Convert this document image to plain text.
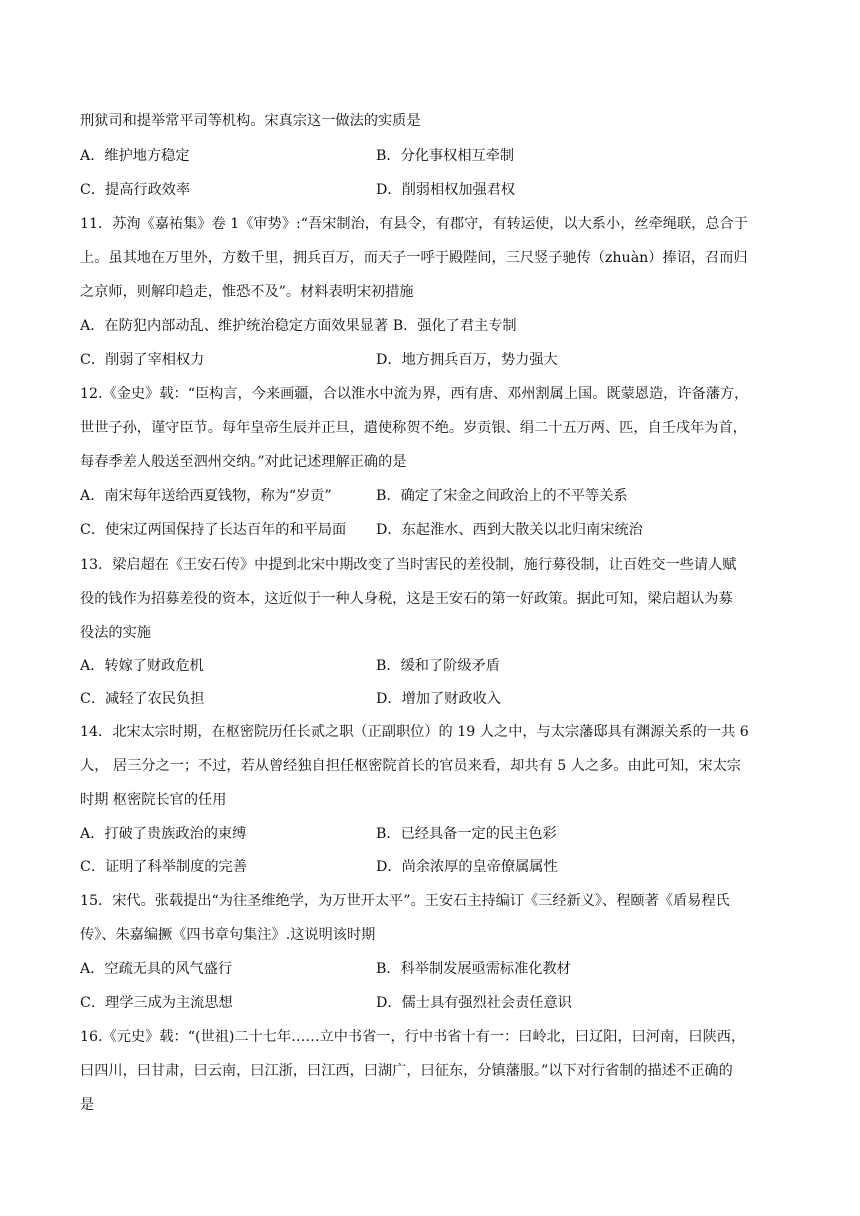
刑狱司和提举常平司等机构。宋真宗这一做法的实质是
A．维护地方稳定	B．分化事权相互牵制
C．提高行政效率	D．削弱相权加强君权
11．苏洵《嘉祐集》卷 1《审势》:“吾宋制治，有县令，有郡守，有转运使，以大系小，丝牵绳联，总合于
上。虽其地在万里外，方数千里，拥兵百万，而天子一呼于殿陛间，三尺竖子驰传（zhuàn）捧诏，召而归
之京师，则解印趋走，惟恐不及”。材料表明宋初措施
A．在防犯内部动乱、维护统治稳定方面效果显著 B．强化了君主专制
C．削弱了宰相权力	D．地方拥兵百万，势力强大
12.《金史》载：“臣构言，今来画疆，合以淮水中流为界，西有唐、邓州割属上国。既蒙恩造，许备藩方，
世世子孙，谨守臣节。每年皇帝生辰并正旦，遣使称贺不绝。岁贡银、绢二十五万两、匹，自壬戌年为首，
每春季差人般送至泗州交纳。”对此记述理解正确的是
A．南宋每年送给西夏钱物，称为“岁贡”	B．确定了宋金之间政治上的不平等关系
C．使宋辽两国保持了长达百年的和平局面 D．东起淮水、西到大散关以北归南宋统治
13．梁启超在《王安石传》中提到北宋中期改变了当时害民的差役制，施行募役制，让百姓交一些请人赋
役的钱作为招募差役的资本，这近似于一种人身税，这是王安石的第一好政策。据此可知，梁启超认为募
役法的实施
A．转嫁了财政危机	B．缓和了阶级矛盾
C．减轻了农民负担	D．增加了财政收入
14．北宋太宗时期，在枢密院历任长贰之职（正副职位）的 19 人之中，与太宗藩邸具有渊源关系的一共 6
人， 居三分之一；不过，若从曾经独自担任枢密院首长的官员来看，却共有 5 人之多。由此可知，宋太宗
时期 枢密院长官的任用
A．打破了贵族政治的束缚	B．已经具备一定的民主色彩
C．证明了科举制度的完善	D．尚余浓厚的皇帝僚属属性
15．宋代。张载提出“为往圣维绝学，为万世开太平”。王安石主持编订《三经新义》、程颐著《盾易程氏
传》、朱嘉编撅《四书章句集注》.这说明该时期
A．空疏无具的风气盛行	B．科举制发展亟需标准化教材
C．理学三成为主流思想	D．儒士具有强烈社会责任意识
16.《元史》载：“(世祖)二十七年……立中书省一，行中书省十有一：曰岭北，曰辽阳，曰河南，曰陕西，
曰四川，曰甘肃，曰云南，曰江浙，曰江西，曰湖广，曰征东，分镇藩服。”以下对行省制的描述不正确的
是
